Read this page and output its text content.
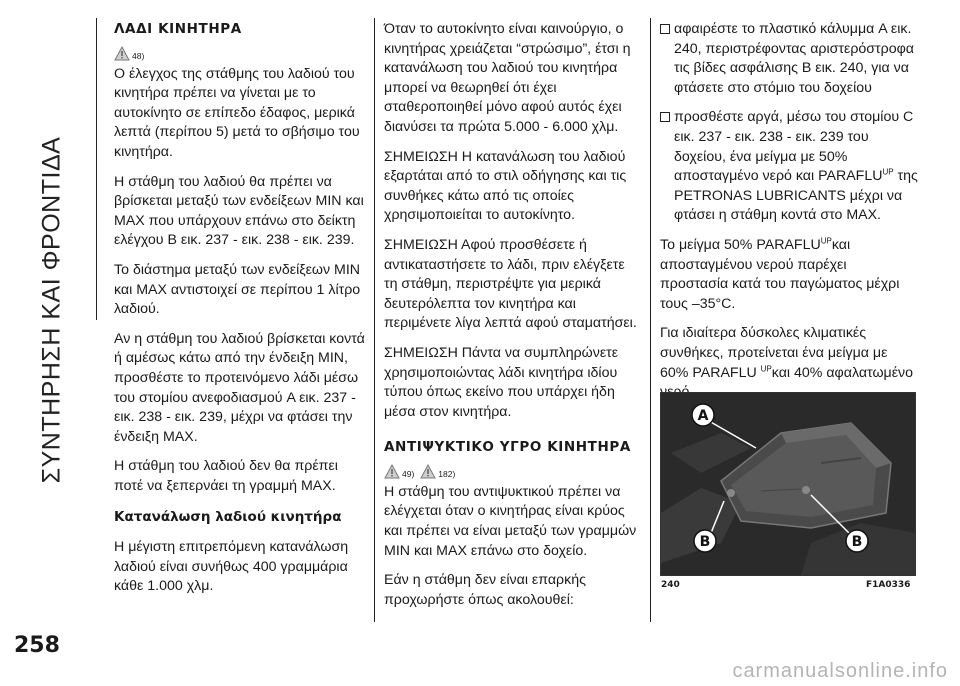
ΣΥΝΤΗΡΗΣΗ ΚΑΙ ΦΡΟΝΤΙΔΑ
ΛΑΔΙ ΚΙΝΗΤΗΡΑ
48)

Ο έλεγχος της στάθμης του λαδιού του κινητήρα πρέπει να γίνεται με το αυτοκίνητο σε επίπεδο έδαφος, μερικά λεπτά (περίπου 5) μετά το σβήσιμο του κινητήρα.

Η στάθμη του λαδιού θα πρέπει να βρίσκεται μεταξύ των ενδείξεων MIN και MAX που υπάρχουν επάνω στο δείκτη ελέγχου B εικ. 237 - εικ. 238 - εικ. 239.

Το διάστημα μεταξύ των ενδείξεων MIN και MAX αντιστοιχεί σε περίπου 1 λίτρο λαδιού.

Αν η στάθμη του λαδιού βρίσκεται κοντά ή αμέσως κάτω από την ένδειξη MIN, προσθέστε το προτεινόμενο λάδι μέσω του στομίου ανεφοδιασμού A εικ. 237 - εικ. 238 - εικ. 239, μέχρι να φτάσει την ένδειξη MAX.

Η στάθμη του λαδιού δεν θα πρέπει ποτέ να ξεπερνάει τη γραμμή MAX.

Κατανάλωση λαδιού κινητήρα

Η μέγιστη επιτρεπόμενη κατανάλωση λαδιού είναι συνήθως 400 γραμμάρια κάθε 1.000 χλμ.

Όταν το αυτοκίνητο είναι καινούργιο, ο κινητήρας χρειάζεται “στρώσιμο”, έτσι η κατανάλωση του λαδιού του κινητήρα μπορεί να θεωρηθεί ότι έχει σταθεροποιηθεί μόνο αφού αυτός έχει διανύσει τα πρώτα 5.000 - 6.000 χλμ.

ΣΗΜΕΙΩΣΗ Η κατανάλωση του λαδιού εξαρτάται από το στιλ οδήγησης και τις συνθήκες κάτω από τις οποίες χρησιμοποιείται το αυτοκίνητο.

ΣΗΜΕΙΩΣΗ Αφού προσθέσετε ή αντικαταστήσετε το λάδι, πριν ελέγξετε τη στάθμη, περιστρέψτε για μερικά δευτερόλεπτα τον κινητήρα και περιμένετε λίγα λεπτά αφού σταματήσει.

ΣΗΜΕΙΩΣΗ Πάντα να συμπληρώνετε χρησιμοποιώντας λάδι κινητήρα ιδίου τύπου όπως εκείνο που υπάρχει ήδη μέσα στον κινητήρα.

ΑΝΤΙΨΥΚΤΙΚΟ ΥΓΡΟ ΚΙΝΗΤΗΡΑ
49)	182)

Η στάθμη του αντιψυκτικού πρέπει να ελέγχεται όταν ο κινητήρας είναι κρύος και πρέπει να είναι μεταξύ των γραμμών MIN και MAX επάνω στο δοχείο.

Εάν η στάθμη δεν είναι επαρκής προχωρήστε όπως ακολουθεί:

αφαιρέστε το πλαστικό κάλυμμα A εικ. 240, περιστρέφοντας αριστερόστροφα τις βίδες ασφάλισης B εικ. 240, για να φτάσετε στο στόμιο του δοχείου
προσθέστε αργά, μέσω του στομίου C εικ. 237 - εικ. 238 - εικ. 239 του δοχείου, ένα μείγμα με 50% αποσταγμένο νερό και $PARAFLU^{UP}$ της PETRONAS LUBRICANTS μέχρι να φτάσει η στάθμη κοντά στο MAX.

Το μείγμα 50% $PARAFLU^{UP}\kappa\alpha\iota$ αποσταγμένου νερού παρέχει προστασία κατά του παγώματος μέχρι τους –35°C.

Για ιδιαίτερα δύσκολες κλιματικές συνθήκες, προτείνεται ένα μείγμα με 60% PARAFLU $^{UP}$και 40% αφαλατωμένο

A
B	B
240	F1A0336
258
carmanualsonline.info
